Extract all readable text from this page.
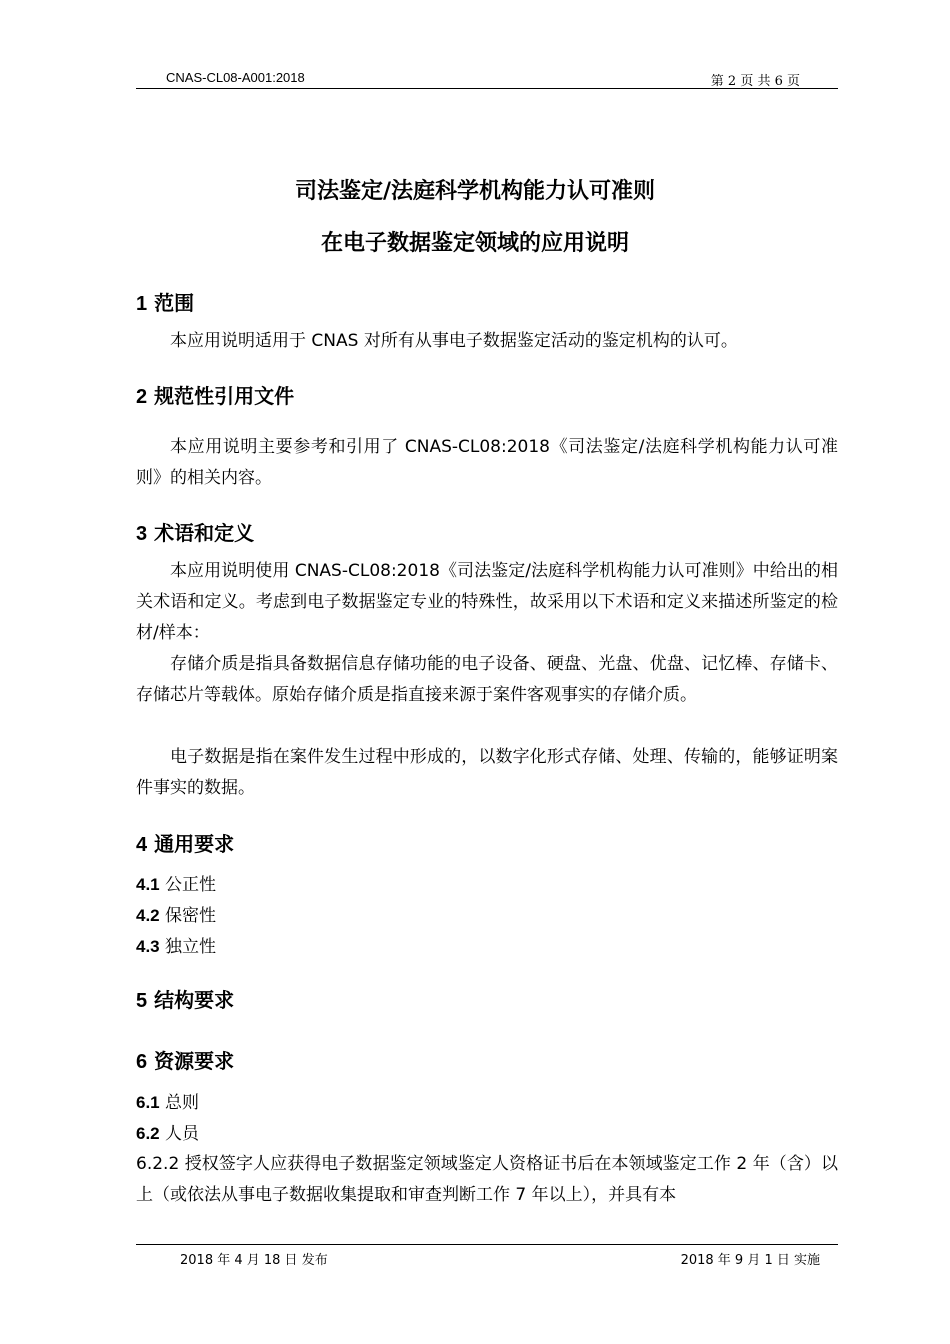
CNAS-CL08-A001:2018	第 2 页 共 6 页
司法鉴定/法庭科学机构能力认可准则
在电子数据鉴定领域的应用说明
1 范围
本应用说明适用于 CNAS 对所有从事电子数据鉴定活动的鉴定机构的认可。
2 规范性引用文件
本应用说明主要参考和引用了 CNAS-CL08:2018《司法鉴定/法庭科学机构能力认可准则》的相关内容。
3 术语和定义
本应用说明使用 CNAS-CL08:2018《司法鉴定/法庭科学机构能力认可准则》中给出的相关术语和定义。考虑到电子数据鉴定专业的特殊性，故采用以下术语和定义来描述所鉴定的检材/样本：
存储介质是指具备数据信息存储功能的电子设备、硬盘、光盘、优盘、记忆棒、存储卡、存储芯片等载体。原始存储介质是指直接来源于案件客观事实的存储介质。
电子数据是指在案件发生过程中形成的，以数字化形式存储、处理、传输的，能够证明案件事实的数据。
4 通用要求
4.1 公正性
4.2 保密性
4.3 独立性
5 结构要求
6 资源要求
6.1 总则
6.2 人员
6.2.2 授权签字人应获得电子数据鉴定领域鉴定人资格证书后在本领域鉴定工作 2 年（含）以上（或依法从事电子数据收集提取和审查判断工作 7 年以上），并具有本
2018 年 4 月 18 日 发布	2018 年 9 月 1 日 实施
